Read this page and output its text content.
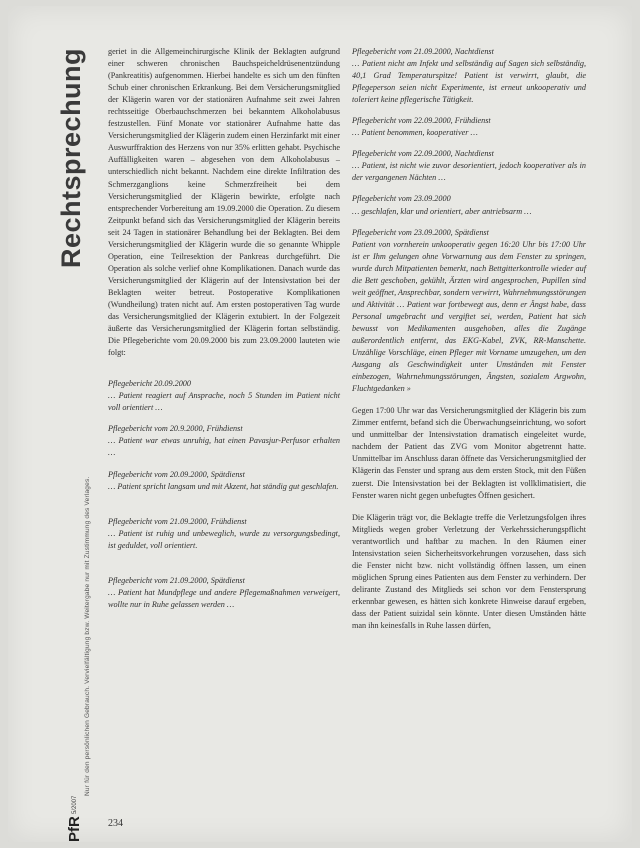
Rechtsprechung
Nur für den persönlichen Gebrauch. Vervielfältigung bzw. Weitergabe nur mit Zustimmung des Verlages.
PfR
5/2007
234

geriet in die Allgemeinchirurgische Klinik der Beklagten aufgrund einer schweren chronischen Bauchspeicheldrüsenentzündung (Pankreatitis) aufgenommen. Hierbei handelte es sich um den fünften Schub einer chronischen Erkrankung. Bei dem Versicherungsmitglied der Klägerin waren vor der stationären Aufnahme seit zwei Jahren rechtsseitige Oberbauchschmerzen bei bekanntem Alkoholabusus festzustellen. Fünf Monate vor stationärer Aufnahme hatte das Versicherungsmitglied der Klägerin zudem einen Herzinfarkt mit einer Auswurffraktion des Herzens von nur 35% erlitten gehabt. Psychische Auffälligkeiten waren – abgesehen von dem Alkoholabusus – unterschiedlich nicht bekannt. Nachdem eine direkte Infiltration des Schmerzganglions keine Schmerzfreiheit bei dem Versicherungsmitglied der Klägerin bewirkte, erfolgte nach entsprechender Vorbereitung am 19.09.2000 die Operation. Zu diesem Zeitpunkt befand sich das Versicherungsmitglied der Klägerin bereits seit 24 Tagen in stationärer Behandlung bei der Beklagten. Bei dem Versicherungsmitglied der Klägerin wurde die so genannte Whipple Operation, eine Teilresektion der Pankreas durchgeführt. Die Operation als solche verlief ohne Komplikationen. Danach wurde das Versicherungsmitglied der Klägerin auf der Intensivstation bei der Beklagten weiter betreut. Postoperative Komplikationen (Wundheilung) traten nicht auf. Am ersten postoperativen Tag wurde das Versicherungsmitglied der Klägerin extubiert. In der Folgezeit äußerte das Versicherungsmitglied der Klägerin fortan selbständig. Die Pflegeberichte vom 20.09.2000 bis zum 23.09.2000 lauteten wie folgt:

Pflegebericht 20.09.2000
… Patient reagiert auf Ansprache, noch 5 Stunden im Patient nicht voll orientiert …
Pflegebericht vom 20.9.2000, Frühdienst
… Patient war etwas unruhig, hat einen Pavasjur-Perfusor erhalten …
Pflegebericht vom 20.09.2000, Spätdienst
… Patient spricht langsam und mit Akzent, hat ständig gut geschlafen.
Pflegebericht vom 21.09.2000, Frühdienst
… Patient ist ruhig und unbeweglich, wurde zu versorgungsbedingt, ist geduldet, voll orientiert.
Pflegebericht vom 21.09.2000, Spätdienst
… Patient hat Mundpflege und andere Pflegemaßnahmen verweigert, wollte nur in Ruhe gelassen werden …
Pflegebericht vom 21.09.2000, Nachtdienst
… Patient nicht am Infekt und selbständig auf Sagen sich selbständig, 40,1 Grad Temperaturspitze! Patient ist verwirrt, glaubt, die Pflegeperson seien nicht Experimente, ist erneut unkooperativ und toleriert keine pflegerische Tätigkeit.
Pflegebericht vom 22.09.2000, Frühdienst
… Patient benommen, kooperativer …
Pflegebericht vom 22.09.2000, Nachtdienst
… Patient, ist nicht wie zuvor desorientiert, jedoch kooperativer als in der vergangenen Nächten …
Pflegebericht vom 23.09.2000
… geschlafen, klar und orientiert, aber antriebsarm …
Pflegebericht vom 23.09.2000, Spätdienst
Patient von vornherein unkooperativ gegen 16:20 Uhr bis 17:00 Uhr ist er Ihm gelungen ohne Vorwarnung aus dem Fenster zu springen, wurde durch Mitpatienten bemerkt, nach Bettgitterkontrolle wieder auf die Bett geschoben, gekühlt, Ärzten wird angesprochen, Pupillen sind weit geöffnet, Ansprechbar, sondern verwirrt, Wahrnehmungsstörungen und Aktivität … Patient war fortbewegt aus, denn er Ängst habe, dass Personal umgebracht und vergiftet sei, werden, Patient hat sich bewusst von Medikamenten ausgehoben, alles die Zugänge außerordentlich entfernt, das EKG-Kabel, ZVK, RR-Manschette. Unzählige Vorschläge, einen Pfleger mit Vorname umzugehen, um den Ausgang als Geschwindigkeit unter Umständen mit Fenster einbezogen, Wahrnehmungsstörungen, Ängsten, sozialem Argwohn, Fluchtgedanken »

Gegen 17:00 Uhr war das Versicherungsmitglied der Klägerin bis zum Zimmer entfernt, befand sich die Überwachungseinrichtung, wo sofort und unmittelbar der Intensivstation dramatisch eingeleitet wurde, nachdem der Patient das ZVG vom Monitor abgetrennt hatte. Unmittelbar im Anschluss daran öffnete das Versicherungsmitglied der Klägerin das Fenster und sprang aus dem ersten Stock, mit den Füßen zuerst. Die Intensivstation bei der Beklagten ist vollklimatisiert, die Fenster waren nicht gegen unbefugtes Öffnen gesichert.

Die Klägerin trägt vor, die Beklagte treffe die Verletzungsfolgen ihres Mitglieds wegen grober Verletzung der Verkehrssicherungspflicht verantwortlich und haftbar zu machen. In den Räumen einer Intensivstation seien Sicherheitsvorkehrungen vorzusehen, dass sich die Fenster nicht bzw. nicht vollständig öffnen lassen, um einen möglichen Sprung eines Patienten aus dem Fenster zu verhindern. Der delirante Zustand des Mitglieds sei schon vor dem Fenstersprung erkennbar gewesen, es hätten sich konkrete Hinweise darauf ergeben, dass der Patient suizidal sein könnte. Unter diesen Umständen hätte man ihn keinesfalls in Ruhe lassen dürfen,
